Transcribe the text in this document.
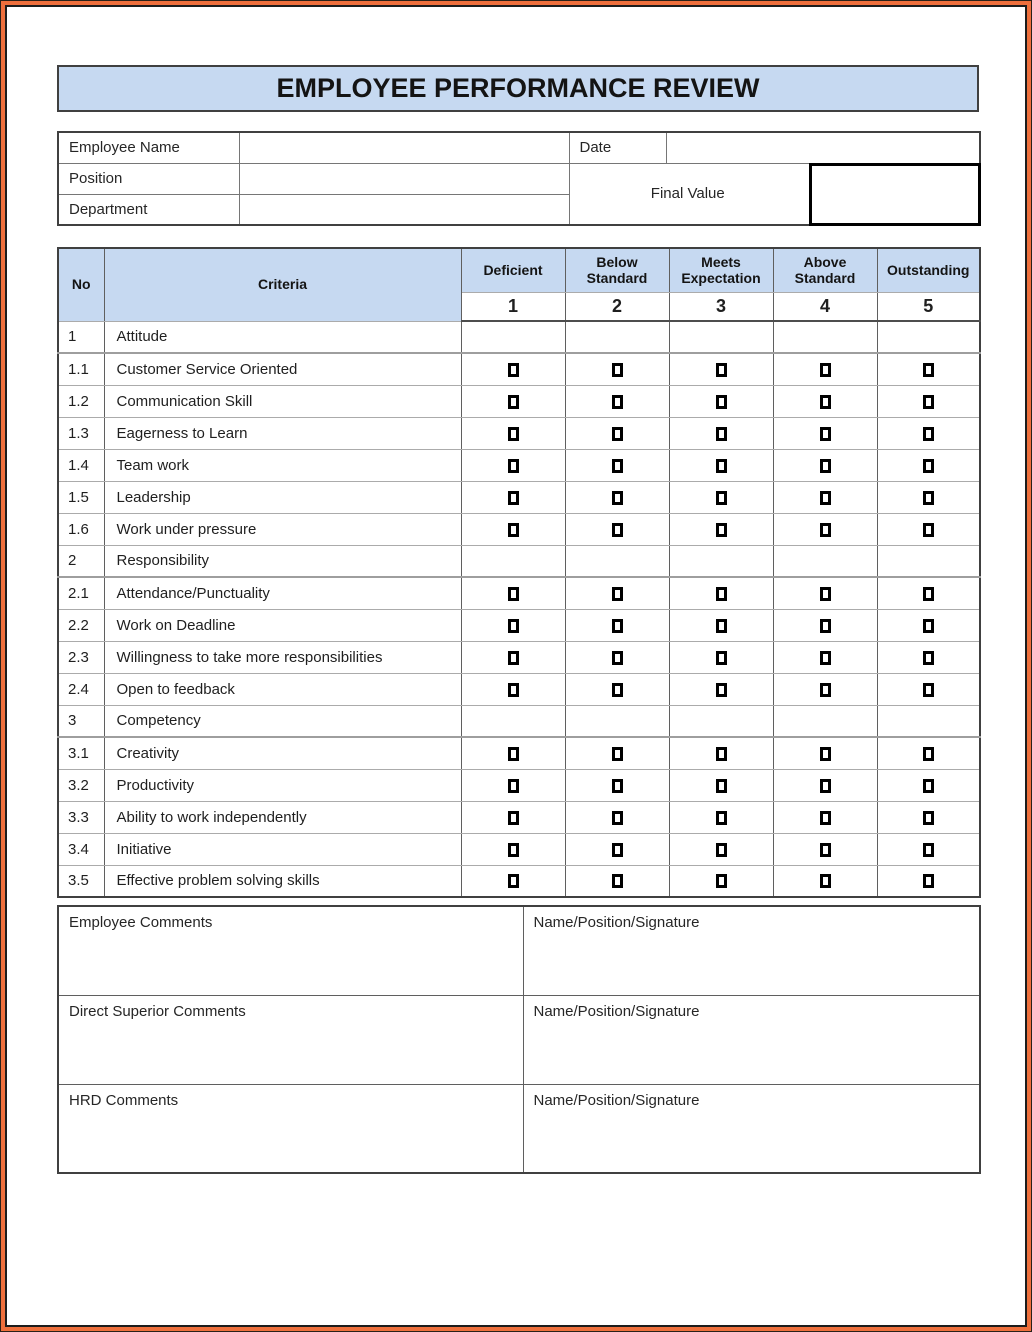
EMPLOYEE PERFORMANCE REVIEW
Employee Name		Date	
Position		Final Value	

Department			
No	Criteria	Deficient	Below Standard	Meets Expectation	Above Standard	Outstanding
		1	2	3	4	5
1	Attitude					
1.1	Customer Service Oriented					
1.2	Communication Skill					
1.3	Eagerness to Learn					
1.4	Team work					
1.5	Leadership					
1.6	Work under pressure					
2	Responsibility					
2.1	Attendance/Punctuality					
2.2	Work on Deadline					
2.3	Willingness to take more responsibilities					
2.4	Open to feedback					
3	Competency					
3.1	Creativity					
3.2	Productivity					
3.3	Ability to work independently					
3.4	Initiative					
3.5	Effective problem solving skills					
Employee Comments	Name/Position/Signature
Direct Superior Comments	Name/Position/Signature
HRD Comments	Name/Position/Signature
